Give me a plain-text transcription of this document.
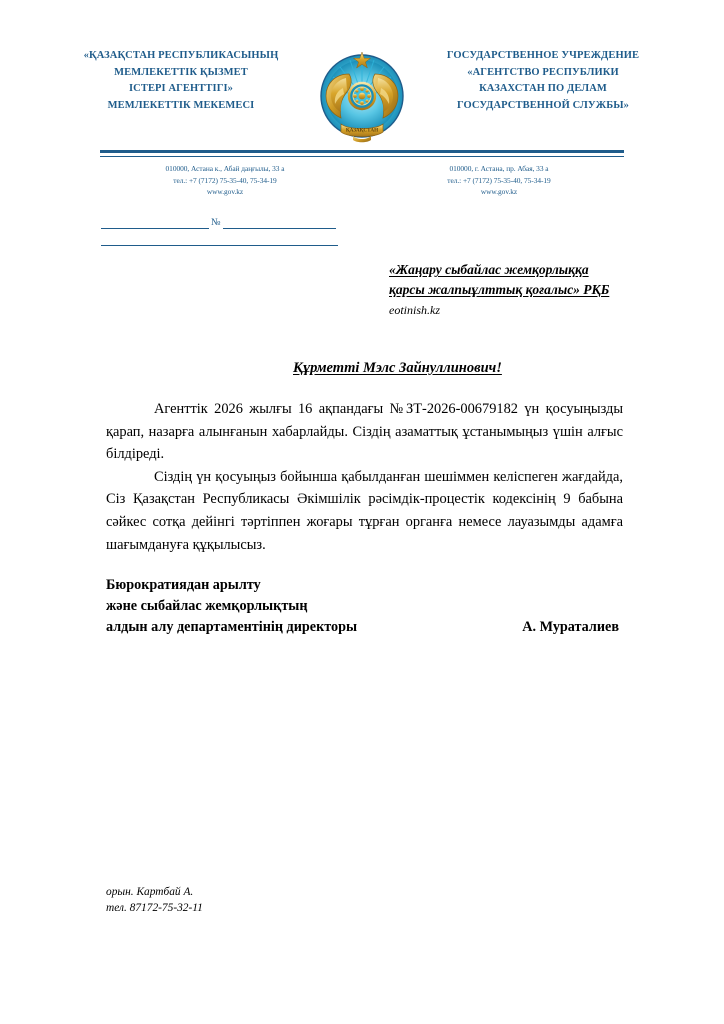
«ҚАЗАҚСТАН РЕСПУБЛИКАСЫНЫҢ
МЕМЛЕКЕТТІК ҚЫЗМЕТ
ІСТЕРІ АГЕНТТІГІ»
МЕМЛЕКЕТТІК МЕКЕМЕСІ
ҚАЗАҚСТАН
ГОСУДАРСТВЕННОЕ УЧРЕЖДЕНИЕ
«АГЕНТСТВО РЕСПУБЛИКИ
КАЗАХСТАН ПО ДЕЛАМ
ГОСУДАРСТВЕННОЙ СЛУЖБЫ»
010000, Астана к., Абай даңғылы, 33 а
тел.: +7 (7172) 75-35-40, 75-34-19
www.gov.kz
010000, г. Астана, пр. Абая, 33 а
тел.: +7 (7172) 75-35-40, 75-34-19
www.gov.kz
№
«Жаңару сыбайлас жемқорлыққа
қарсы жалпыұлттық қоғалыс» РҚБ
eotinish.kz
Құрметті Мэлс Зайнуллинович!

Агенттік 2026 жылғы 16 ақпандағы №ЗТ-2026-00679182 үн қосуыңызды қарап, назарға алынғанын хабарлайды. Сіздің азаматтық ұстанымыңыз үшін алғыс білдіреді.

Сіздің үн қосуыңыз бойынша қабылданған шешіммен келіспеген жағдайда, Сіз Қазақстан Республикасы Әкімшілік рәсімдік-процестік кодексінің 9 бабына сәйкес сотқа дейінгі тәртіппен жоғары тұрған органға немесе лауазымды адамға шағымдануға құқылысыз.

Бюрократиядан арылту
және сыбайлас жемқорлықтың
алдын алу департаментінің директоры	А. Мураталиев
орын. Картбай А.
тел. 87172-75-32-11
